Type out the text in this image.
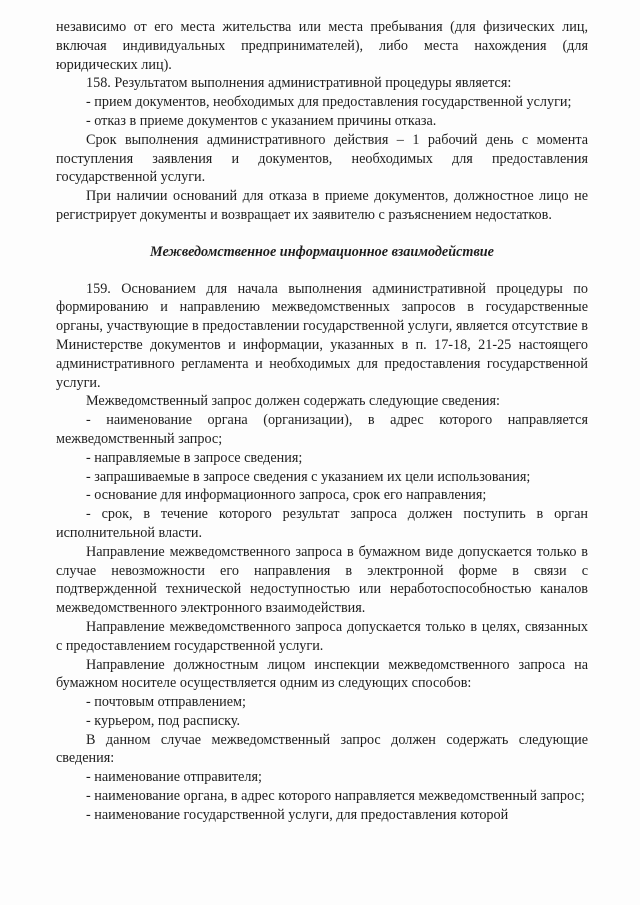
независимо от его места жительства или места пребывания (для физических лиц, включая индивидуальных предпринимателей), либо места нахождения (для юридических лиц).

158. Результатом выполнения административной процедуры является:

- прием документов, необходимых для предоставления государственной услуги;

- отказ в приеме документов с указанием причины отказа.

Срок выполнения административного действия – 1 рабочий день с момента поступления заявления и документов, необходимых для предоставления государственной услуги.

При наличии оснований для отказа в приеме документов, должностное лицо не регистрирует документы и возвращает их заявителю с разъяснением недостатков.

Межведомственное информационное взаимодействие

159. Основанием для начала выполнения административной процедуры по формированию и направлению межведомственных запросов в государственные органы, участвующие в предоставлении государственной услуги, является отсутствие в Министерстве документов и информации, указанных в п. 17-18, 21-25 настоящего административного регламента и необходимых для предоставления государственной услуги.

Межведомственный запрос должен содержать следующие сведения:

- наименование органа (организации), в адрес которого направляется межведомственный запрос;

- направляемые в запросе сведения;

- запрашиваемые в запросе сведения с указанием их цели использования;

- основание для информационного запроса, срок его направления;

- срок, в течение которого результат запроса должен поступить в орган исполнительной власти.

Направление межведомственного запроса в бумажном виде допускается только в случае невозможности его направления в электронной форме в связи с подтвержденной технической недоступностью или неработоспособностью каналов межведомственного электронного взаимодействия.

Направление межведомственного запроса допускается только в целях, связанных с предоставлением государственной услуги.

Направление должностным лицом инспекции межведомственного запроса на бумажном носителе осуществляется одним из следующих способов:

- почтовым отправлением;

- курьером, под расписку.

В данном случае межведомственный запрос должен содержать следующие сведения:

- наименование отправителя;

- наименование органа, в адрес которого направляется межведомственный запрос;

- наименование государственной услуги, для предоставления которой
